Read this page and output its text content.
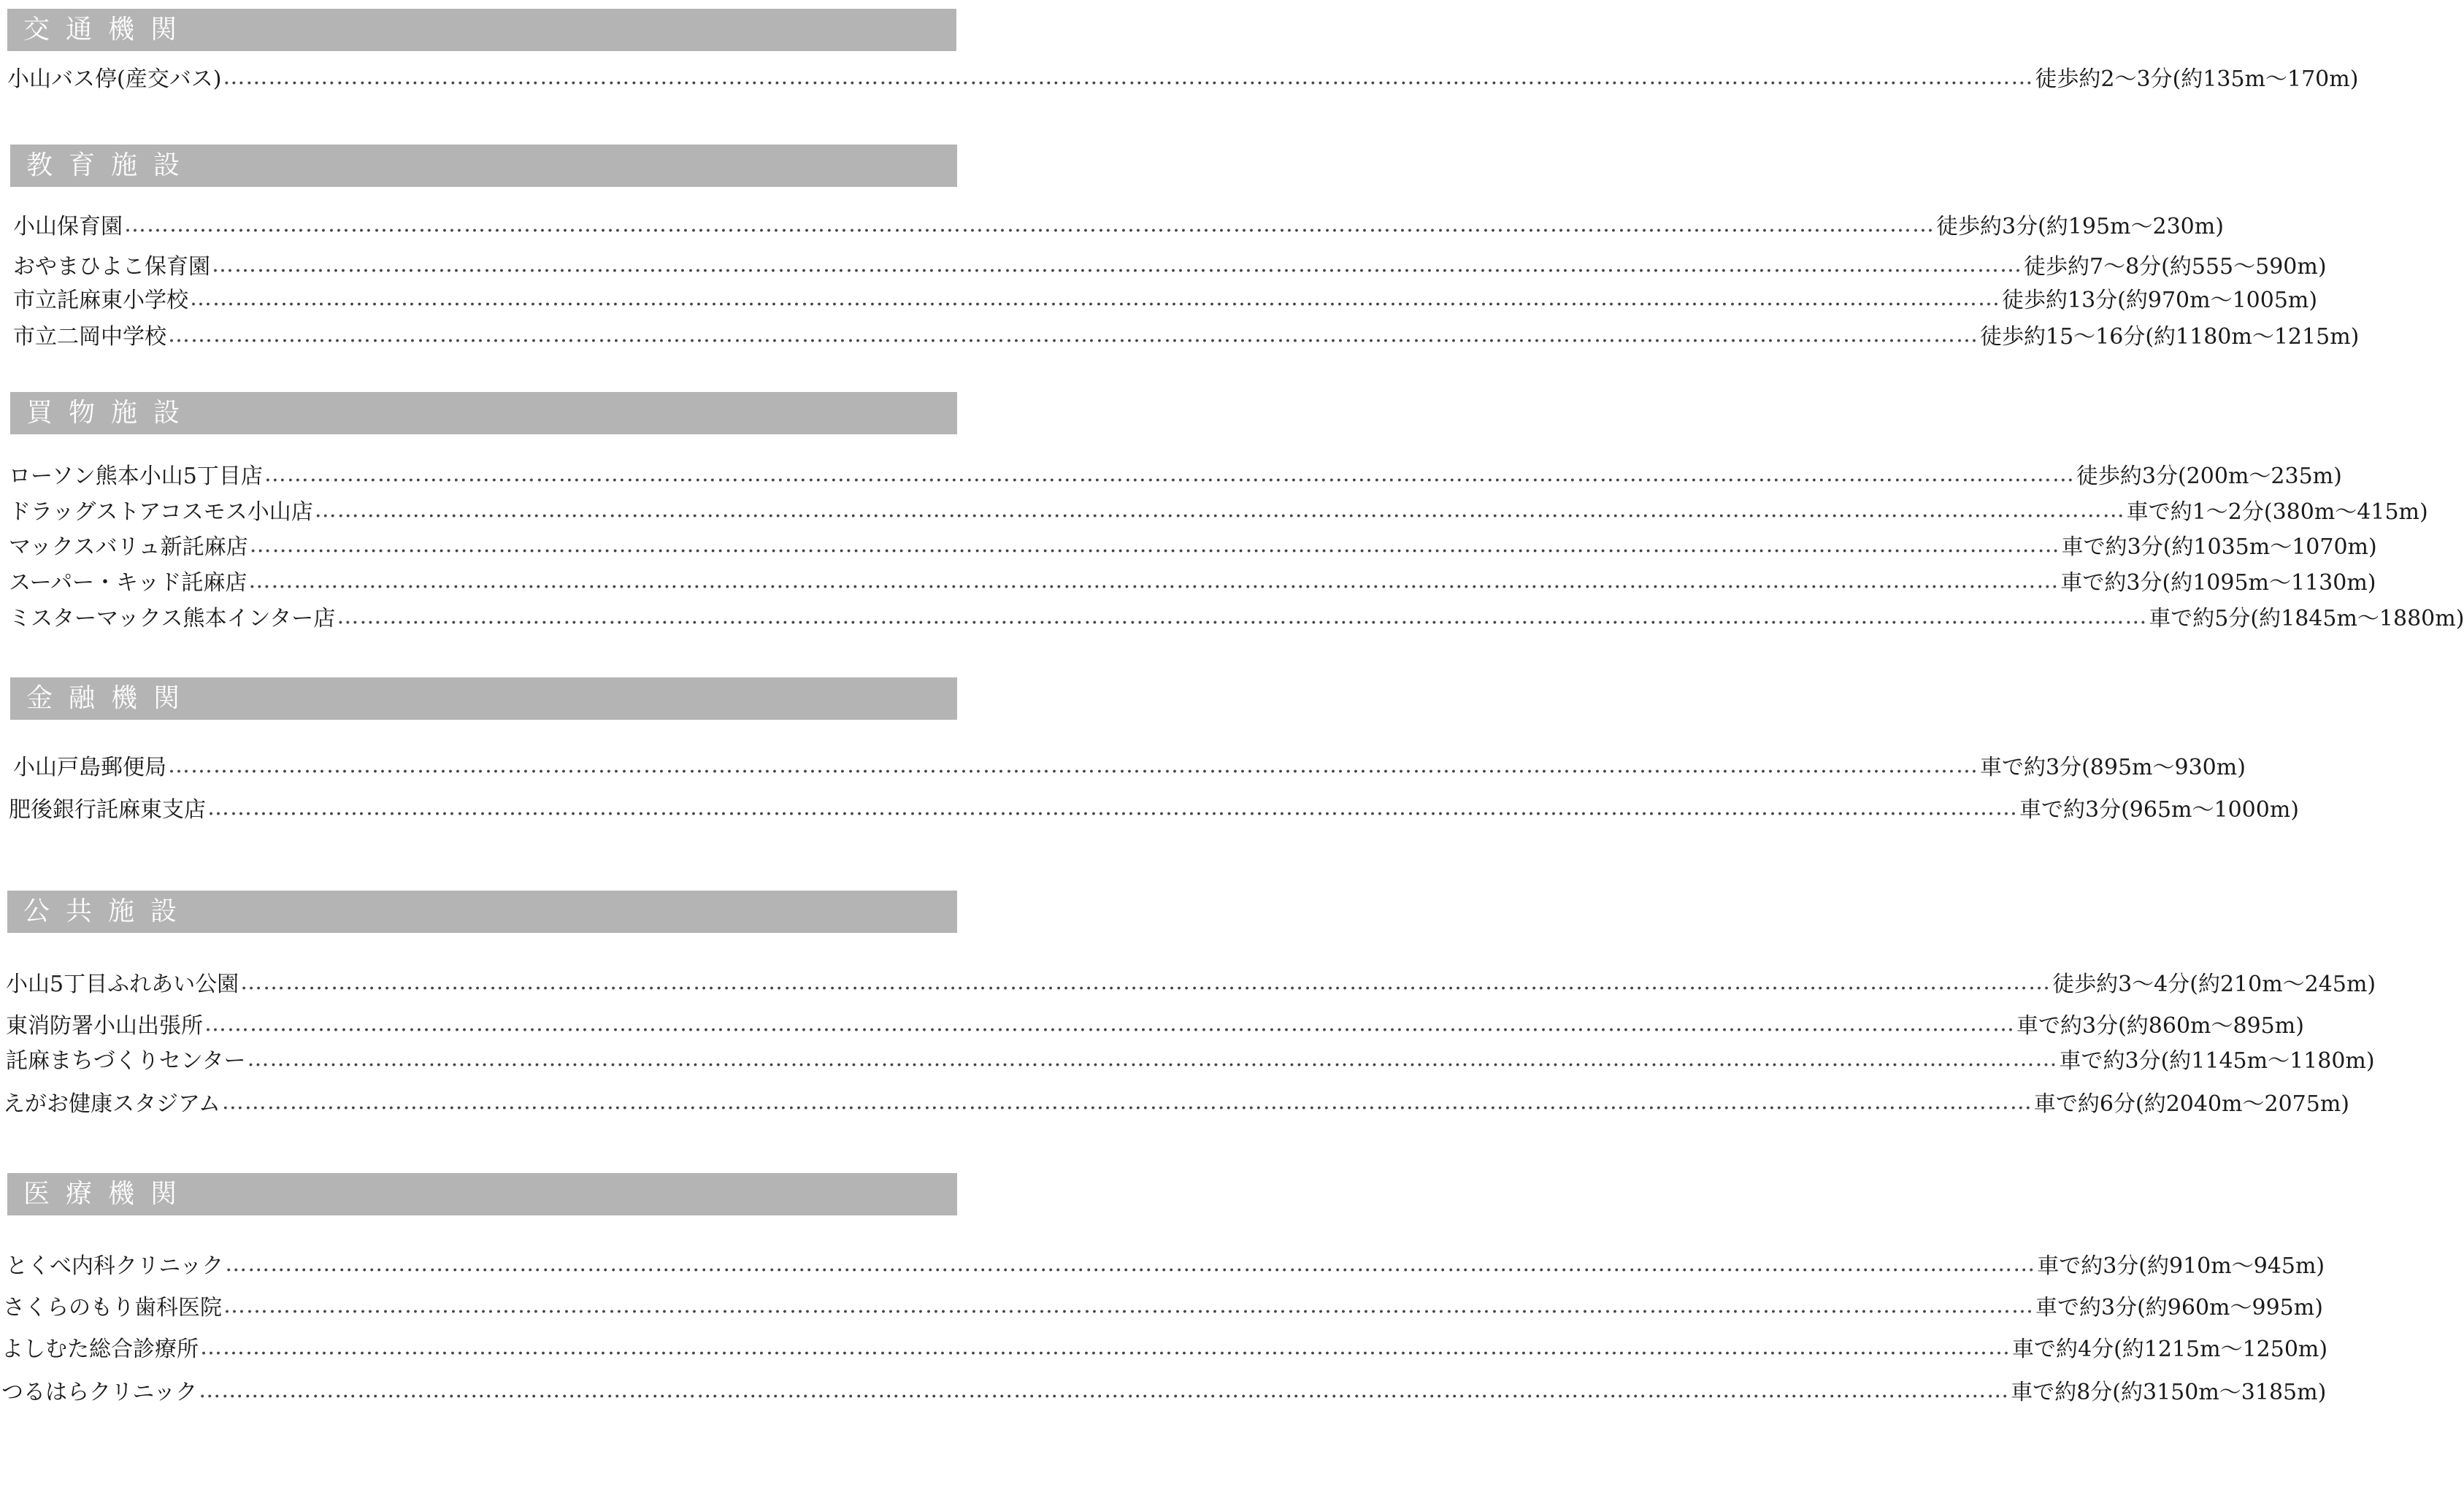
交通機関
小山バス停(産交バス) …………………………………………………………………………………………………………………………………………………………………………………………………………………… 徒歩約2～3分(約135m～170m)
教育施設
小山保育園 …………………………………………………………………………………………………………………………………………………………………………………………………………………… 徒歩約3分(約195m～230m)
おやまひよこ保育園 …………………………………………………………………………………………………………………………………………………………………………………………………………………… 徒歩約7～8分(約555～590m)
市立託麻東小学校 …………………………………………………………………………………………………………………………………………………………………………………………………………………… 徒歩約13分(約970m～1005m)
市立二岡中学校 …………………………………………………………………………………………………………………………………………………………………………………………………………………… 徒歩約15～16分(約1180m～1215m)
買物施設
ローソン熊本小山5丁目店 …………………………………………………………………………………………………………………………………………………………………………………………………………………… 徒歩約3分(200m～235m)
ドラッグストアコスモス小山店 …………………………………………………………………………………………………………………………………………………………………………………………………………………… 車で約1～2分(380m～415m)
マックスバリュ新託麻店 …………………………………………………………………………………………………………………………………………………………………………………………………………………… 車で約3分(約1035m～1070m)
スーパー・キッド託麻店 …………………………………………………………………………………………………………………………………………………………………………………………………………………… 車で約3分(約1095m～1130m)
ミスターマックス熊本インター店 …………………………………………………………………………………………………………………………………………………………………………………………………………………… 車で約5分(約1845m～1880m)
金融機関
小山戸島郵便局 …………………………………………………………………………………………………………………………………………………………………………………………………………………… 車で約3分(895m～930m)
肥後銀行託麻東支店 …………………………………………………………………………………………………………………………………………………………………………………………………………………… 車で約3分(965m～1000m)
公共施設
小山5丁目ふれあい公園 …………………………………………………………………………………………………………………………………………………………………………………………………………………… 徒歩約3～4分(約210m～245m)
東消防署小山出張所 …………………………………………………………………………………………………………………………………………………………………………………………………………………… 車で約3分(約860m～895m)
託麻まちづくりセンター …………………………………………………………………………………………………………………………………………………………………………………………………………………… 車で約3分(約1145m～1180m)
えがお健康スタジアム …………………………………………………………………………………………………………………………………………………………………………………………………………………… 車で約6分(約2040m～2075m)
医療機関
とくべ内科クリニック …………………………………………………………………………………………………………………………………………………………………………………………………………………… 車で約3分(約910m～945m)
さくらのもり歯科医院 …………………………………………………………………………………………………………………………………………………………………………………………………………………… 車で約3分(約960m～995m)
よしむた総合診療所 …………………………………………………………………………………………………………………………………………………………………………………………………………………… 車で約4分(約1215m～1250m)
つるはらクリニック …………………………………………………………………………………………………………………………………………………………………………………………………………………… 車で約8分(約3150m～3185m)
